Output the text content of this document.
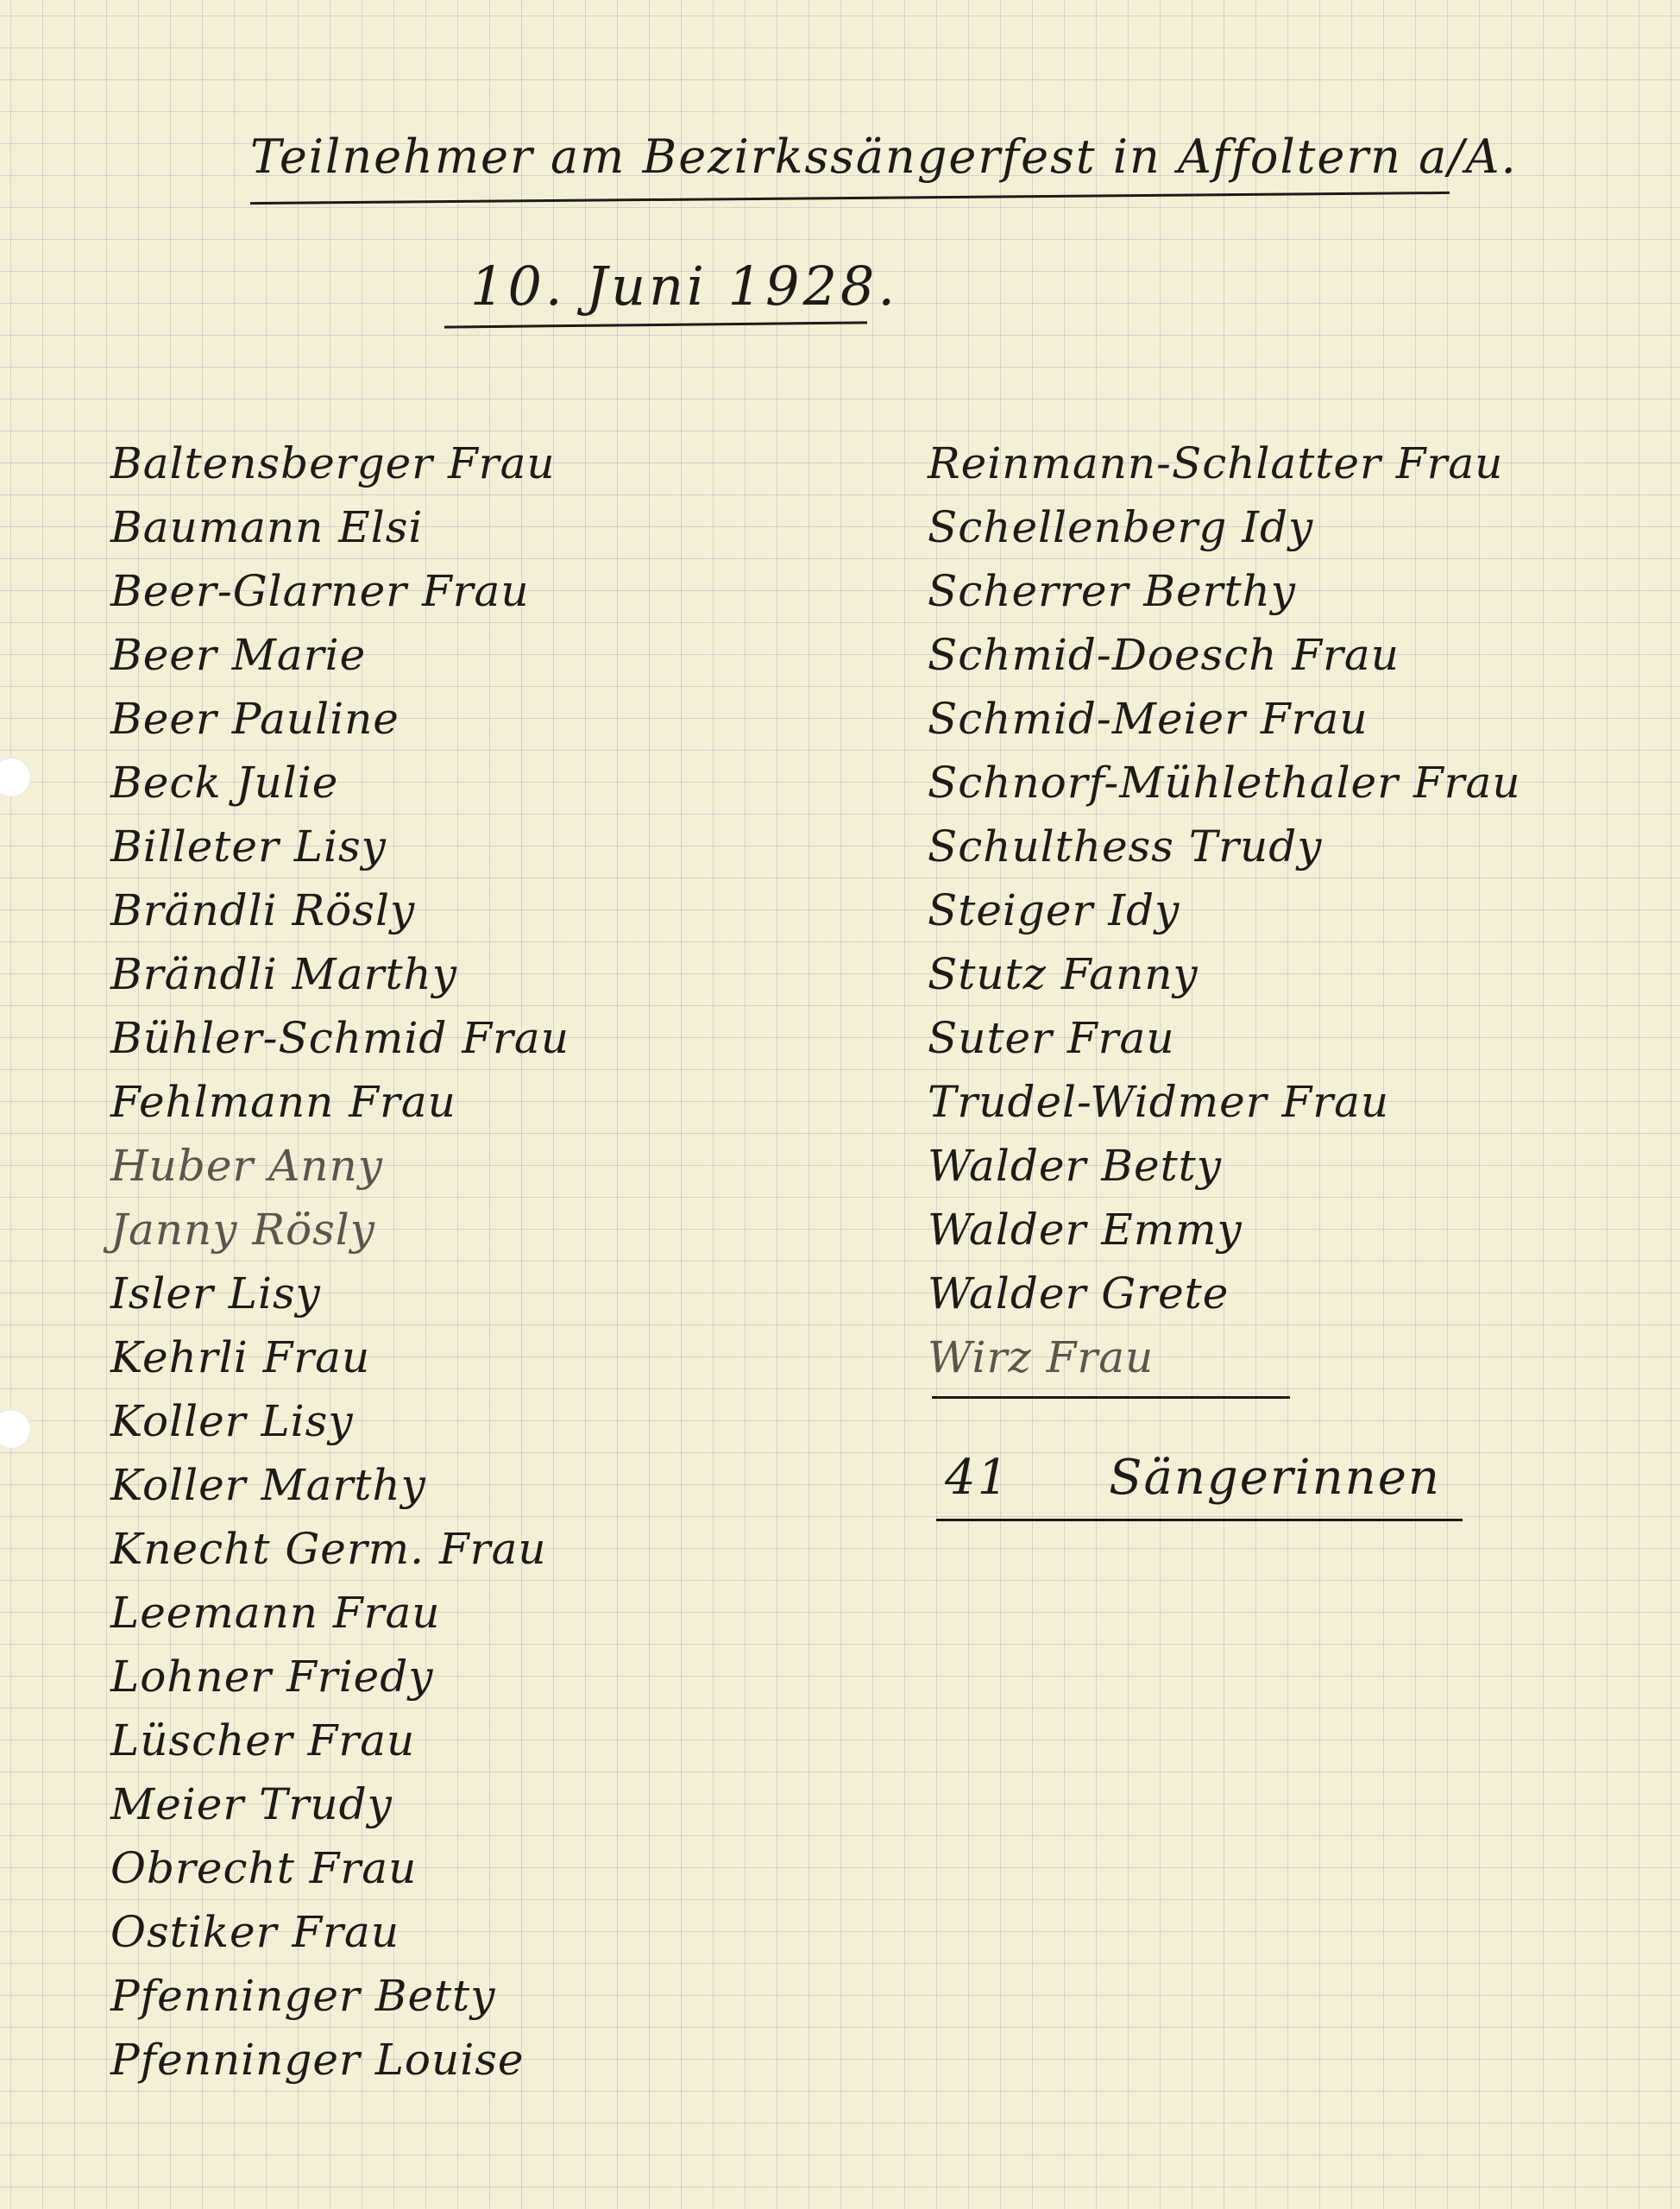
Teilnehmer am Bezirkssängerfest in Affoltern a/A.
10. Juni 1928.
Baltensberger Frau
Baumann Elsi
Beer-Glarner Frau
Beer Marie
Beer Pauline
Beck Julie
Billeter Lisy
Brändli Rösly
Brändli Marthy
Bühler-Schmid Frau
Fehlmann Frau
Huber Anny
Janny Rösly
Isler Lisy
Kehrli Frau
Koller Lisy
Koller Marthy
Knecht Germ. Frau
Leemann Frau
Lohner Friedy
Lüscher Frau
Meier Trudy
Obrecht Frau
Ostiker Frau
Pfenninger Betty
Pfenninger Louise
Reinmann-Schlatter Frau
Schellenberg Idy
Scherrer Berthy
Schmid-Doesch Frau
Schmid-Meier Frau
Schnorf-Mühlethaler Frau
Schulthess Trudy
Steiger Idy
Stutz Fanny
Suter Frau
Trudel-Widmer Frau
Walder Betty
Walder Emmy
Walder Grete
Wirz Frau
41 Sängerinnen
